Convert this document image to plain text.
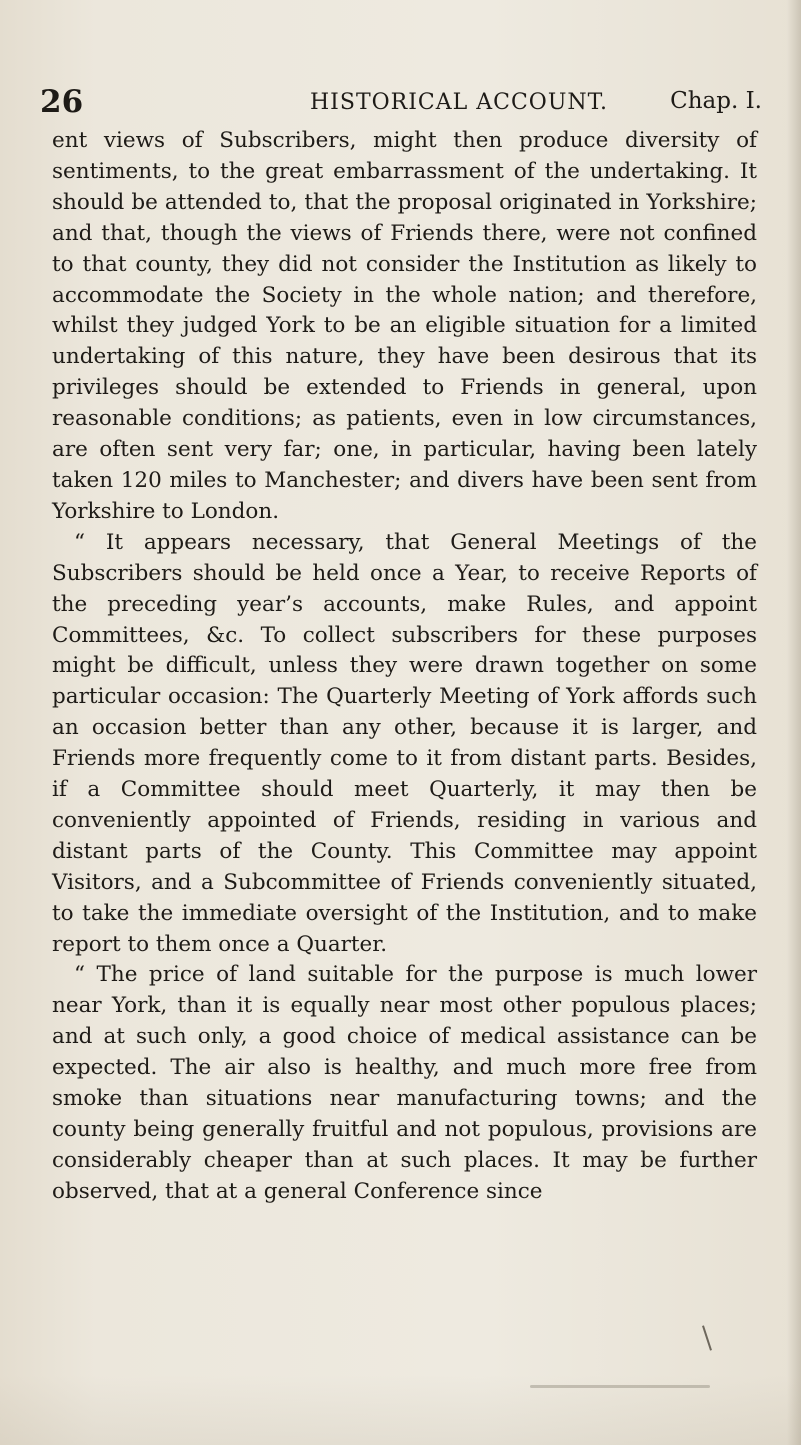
26	HISTORICAL ACCOUNT.	Chap. I.

ent views of Subscribers, might then produce diversity of sentiments, to the great embarrassment of the undertaking. It should be attended to, that the proposal originated in Yorkshire; and that, though the views of Friends there, were not confined to that county, they did not consider the Institution as likely to accommodate the Society in the whole nation; and therefore, whilst they judged York to be an eligible situation for a limited undertaking of this nature, they have been desirous that its privileges should be extended to Friends in general, upon reasonable conditions; as patients, even in low circumstances, are often sent very far; one, in particular, having been lately taken 120 miles to Manchester; and divers have been sent from Yorkshire to London.

“ It appears necessary, that General Meetings of the Subscribers should be held once a Year, to receive Reports of the preceding year’s accounts, make Rules, and appoint Committees, &c. To collect subscribers for these purposes might be difficult, unless they were drawn together on some particular occasion: The Quarterly Meeting of York affords such an occasion better than any other, because it is larger, and Friends more frequently come to it from distant parts. Besides, if a Committee should meet Quarterly, it may then be conveniently appointed of Friends, residing in various and distant parts of the County. This Committee may appoint Visitors, and a Subcommittee of Friends conveniently situated, to take the immediate oversight of the Institution, and to make report to them once a Quarter.

“ The price of land suitable for the purpose is much lower near York, than it is equally near most other populous places; and at such only, a good choice of medical assistance can be expected. The air also is healthy, and much more free from smoke than situations near manufacturing towns; and the county being generally fruitful and not populous, provisions are considerably cheaper than at such places. It may be further observed, that at a general Conference since
